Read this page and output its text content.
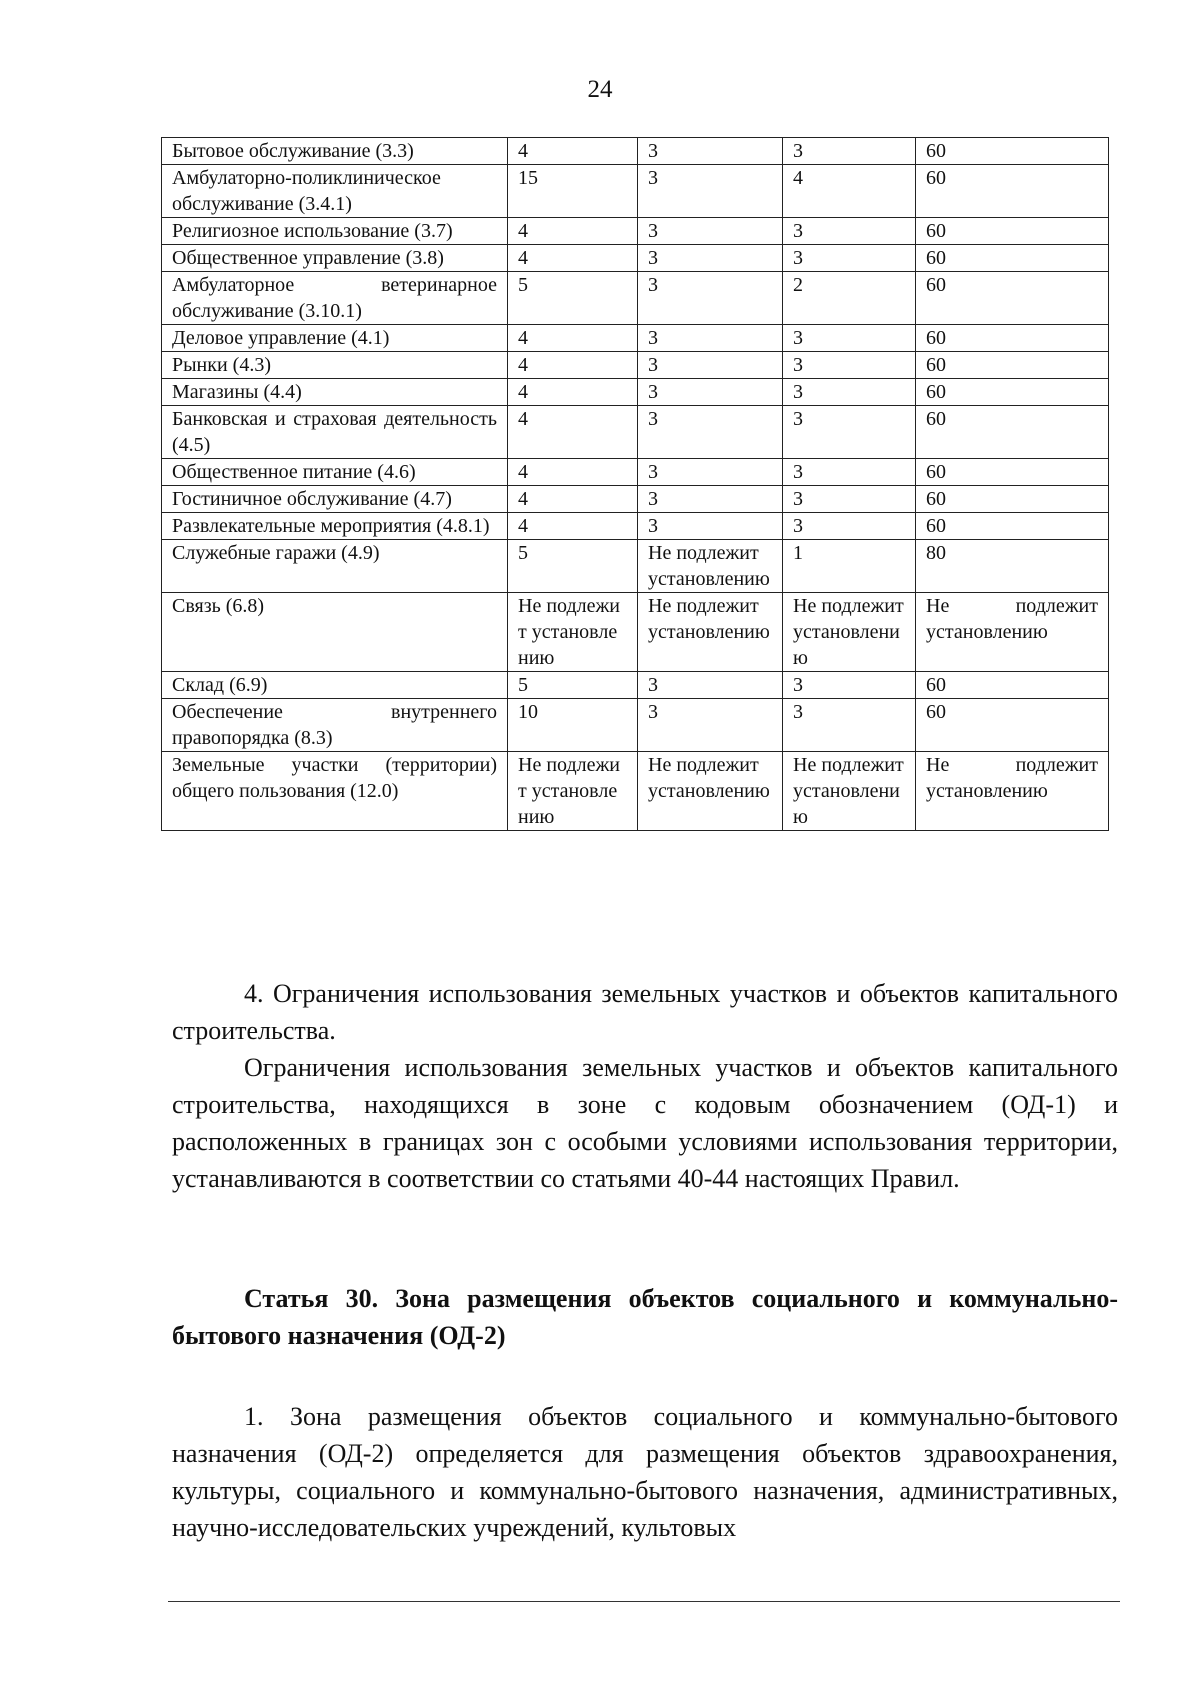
24
Бытовое обслуживание (3.3)	4	3	3	60
Амбулаторно-поликлиническое обслуживание (3.4.1)	15	3	4	60
Религиозное использование (3.7)	4	3	3	60
Общественное управление (3.8)	4	3	3	60
Амбулаторное ветеринарное обслуживание (3.10.1)	5	3	2	60
Деловое управление (4.1)	4	3	3	60
Рынки (4.3)	4	3	3	60
Магазины (4.4)	4	3	3	60
Банковская и страховая деятельность (4.5)	4	3	3	60
Общественное питание (4.6)	4	3	3	60
Гостиничное обслуживание (4.7)	4	3	3	60
Развлекательные мероприятия (4.8.1)	4	3	3	60
Служебные гаражи (4.9)	5	Не подлежит установлению	1	80
Связь (6.8)	Не подлежит установлению	Не подлежит установлению	Не подлежит установлению	Не подлежит установлению
Склад (6.9)	5	3	3	60
Обеспечение внутреннего правопорядка (8.3)	10	3	3	60
Земельные участки (территории) общего пользования (12.0)	Не подлежит установлению	Не подлежит установлению	Не подлежит установлению	Не подлежит установлению

4. Ограничения использования земельных участков и объектов капитального строительства.

Ограничения использования земельных участков и объектов капитального строительства, находящихся в зоне с кодовым обозначением (ОД-1) и расположенных в границах зон с особыми условиями использования территории, устанавливаются в соответствии со статьями 40-44 настоящих Правил.

Статья 30. Зона размещения объектов социального и коммунально-бытового назначения (ОД-2)

1. Зона размещения объектов социального и коммунально-бытового назначения (ОД-2) определяется для размещения объектов здравоохранения, культуры, социального и коммунально-бытового назначения, административных, научно-исследовательских учреждений, культовых
